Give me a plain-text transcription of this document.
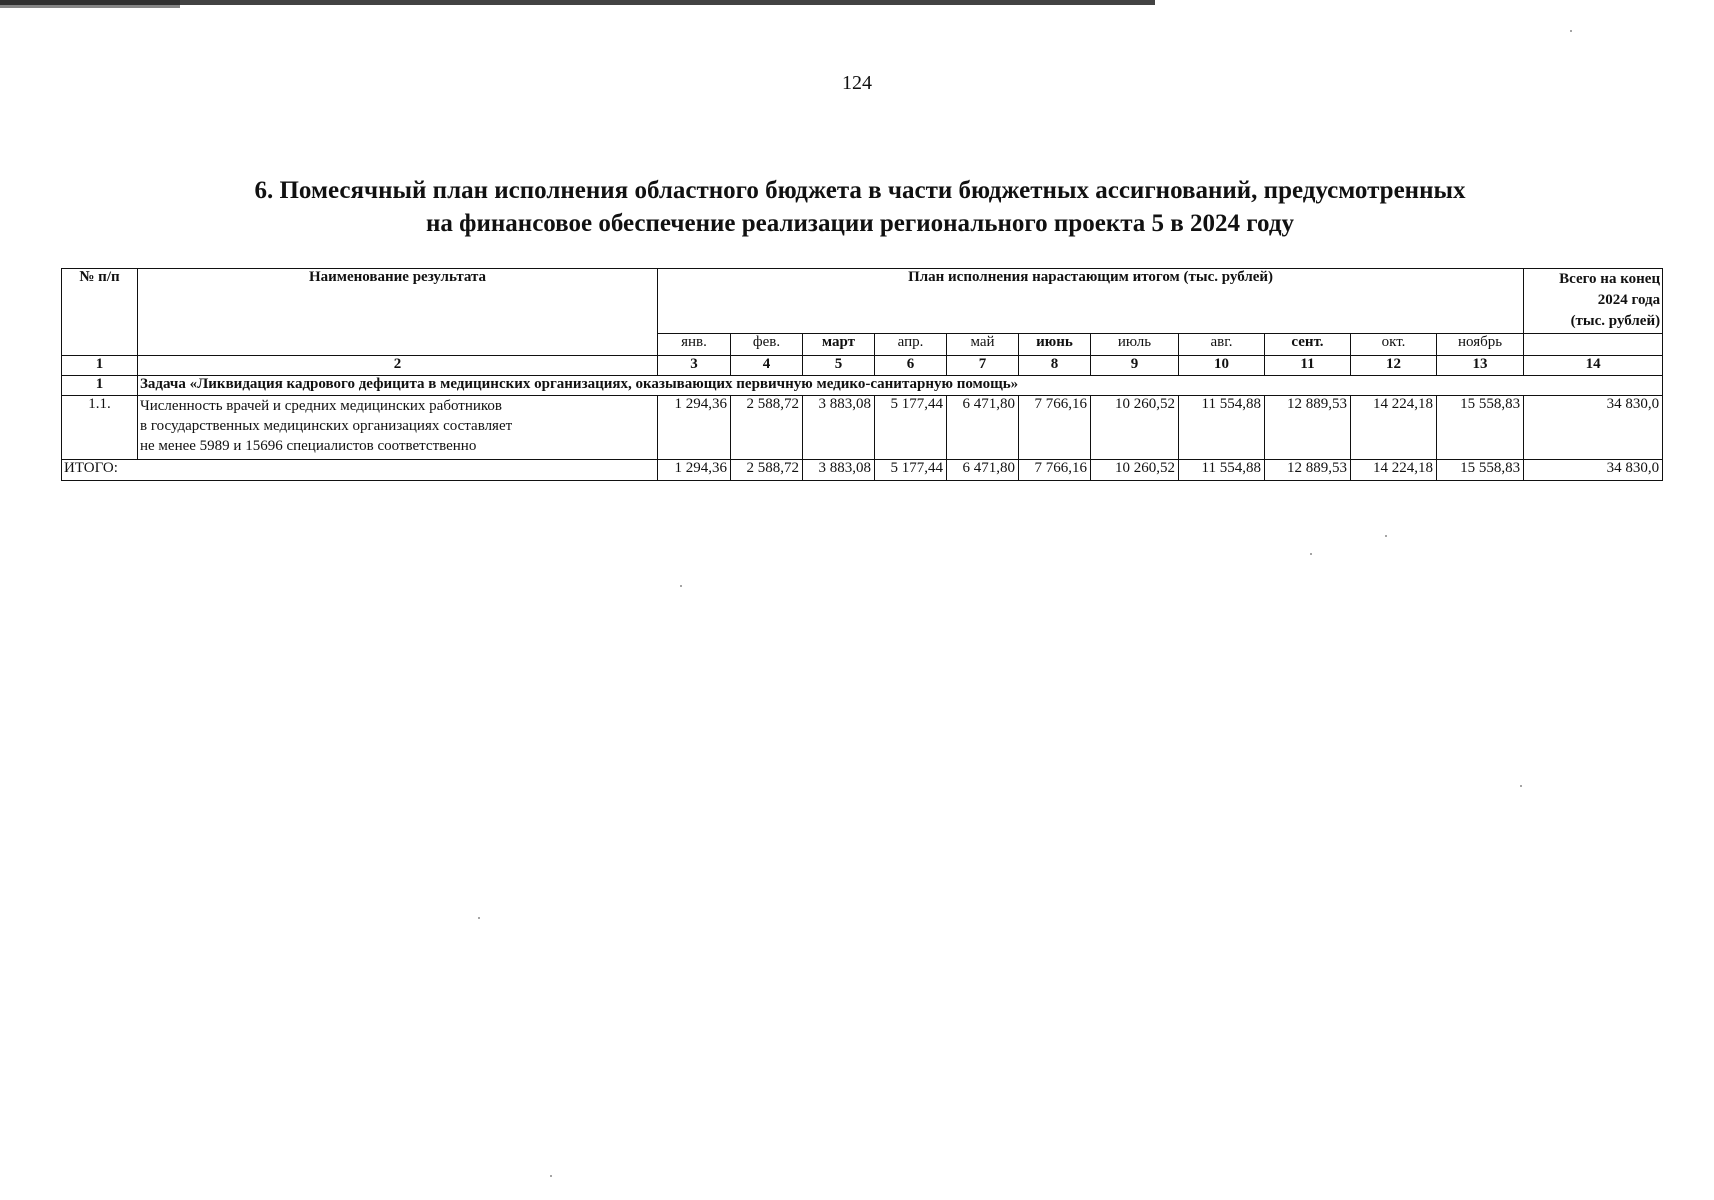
124
6. Помесячный план исполнения областного бюджета в части бюджетных ассигнований, предусмотренных
на финансовое обеспечение реализации регионального проекта 5 в 2024 году
№ п/п	Наименование результата	План исполнения нарастающим итогом (тыс. рублей)											Всего на конец
2024 года
(тыс. рублей)

		янв.	фев.	март	апр.	май	июнь	июль	авг.	сент.	окт.	ноябрь	
1	2	3	4	5	6	7	8	9	10	11	12	13	14
1	Задача «Ликвидация кадрового дефицита в медицинских организациях, оказывающих первичную медико-санитарную помощь»												
1.1.	Численность врачей и средних медицинских работников
в государственных медицинских организациях составляет
не менее 5989 и 15696 специалистов соответственно	1 294,36	2 588,72	3 883,08	5 177,44	6 471,80	7 766,16	10 260,52	11 554,88	12 889,53	14 224,18	15 558,83	34 830,0
ИТОГО:		1 294,36	2 588,72	3 883,08	5 177,44	6 471,80	7 766,16	10 260,52	11 554,88	12 889,53	14 224,18	15 558,83	34 830,0
